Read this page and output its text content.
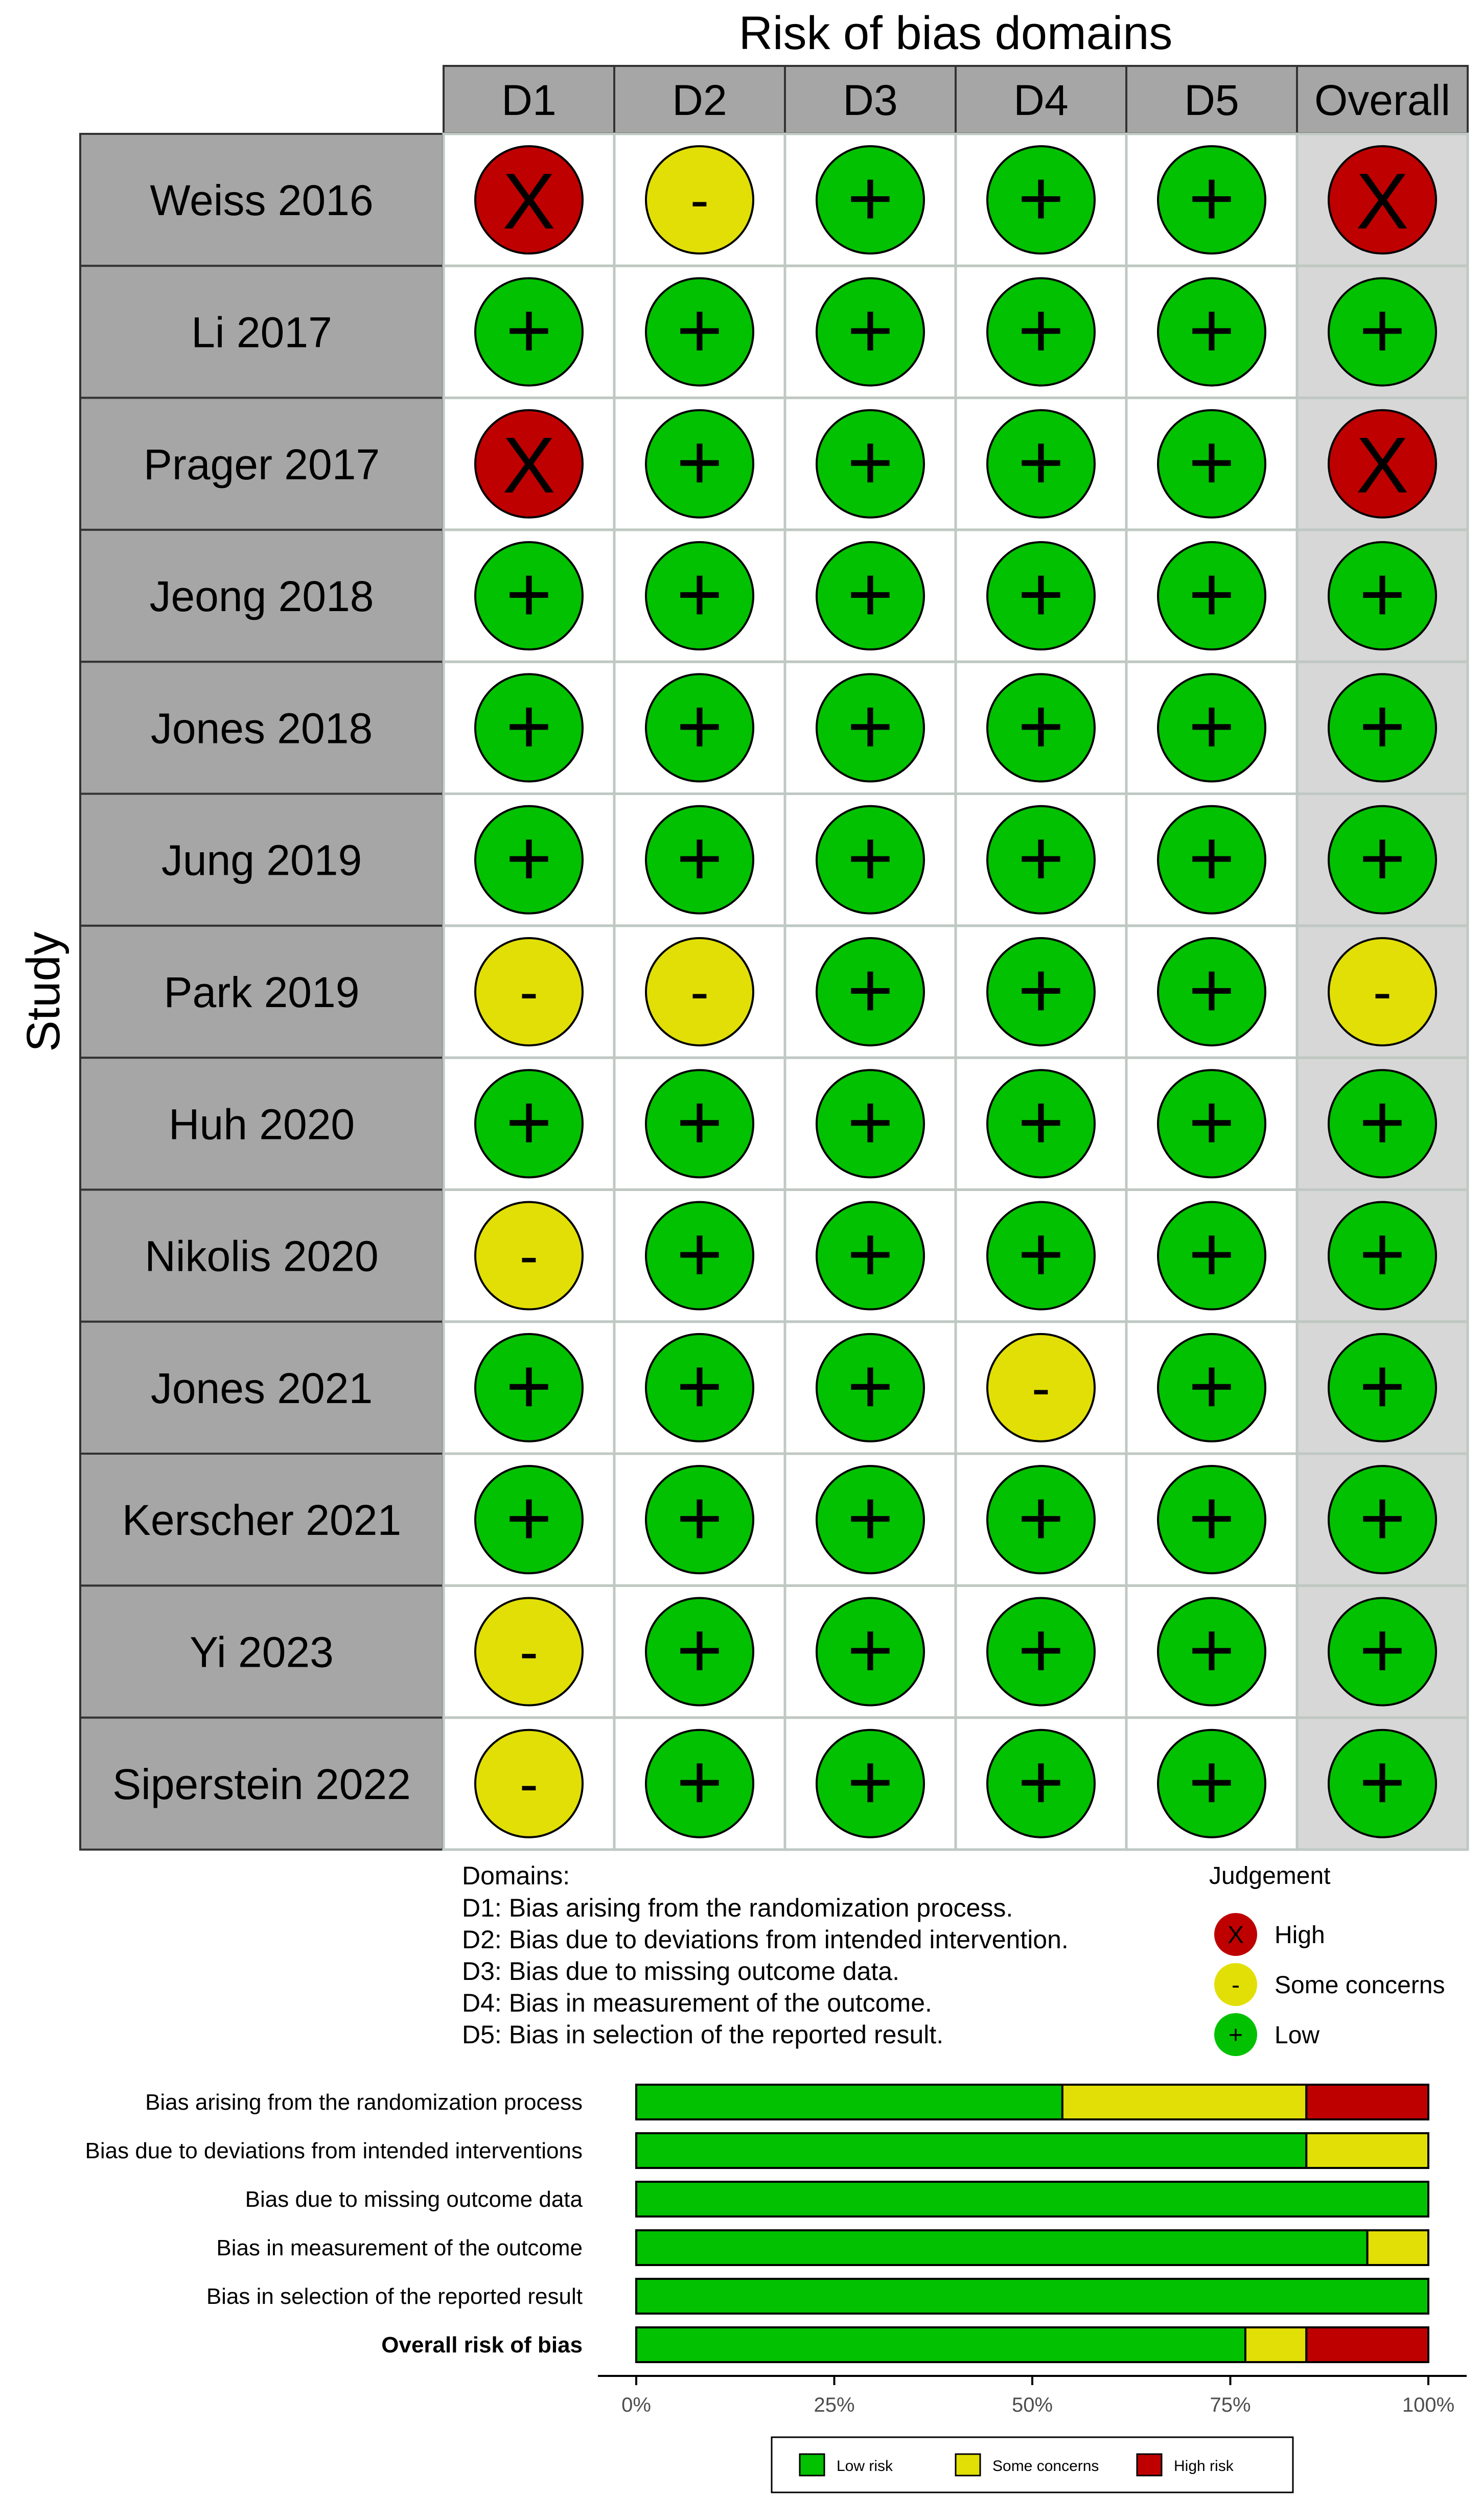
Risk of bias domains
Study
D1	D2	D3	D4	D5 Overall
Weiss 2016 X - + + + X
Li 2017 + + + + + +
Prager 2017 X + + + + X
Jeong 2018 + + + + + +
Jones 2018 + + + + + +
Jung 2019 + + + + + +
Park 2019	-	- + + + -
Huh 2020 + + + + + +
Nikolis 2020	- + + + + +
Jones 2021 + + + - + +
Kerscher 2021 + + + + + +
Yi 2023	- + + + + +
Siperstein 2022 - + + + + +
Domains:
D1: Bias arising from the randomization process.
D2: Bias due to deviations from intended intervention.
D3: Bias due to missing outcome data.
D4: Bias in measurement of the outcome.
D5: Bias in selection of the reported result.
Judgement
X High
- Some concerns
+ Low
Bias arising from the randomization process
Bias due to deviations from intended interventions
Bias due to missing outcome data
Bias in measurement of the outcome
Bias in selection of the reported result
Overall risk of bias
0%	25%	50%	75%	100%
Low risk	Some concerns	High risk
